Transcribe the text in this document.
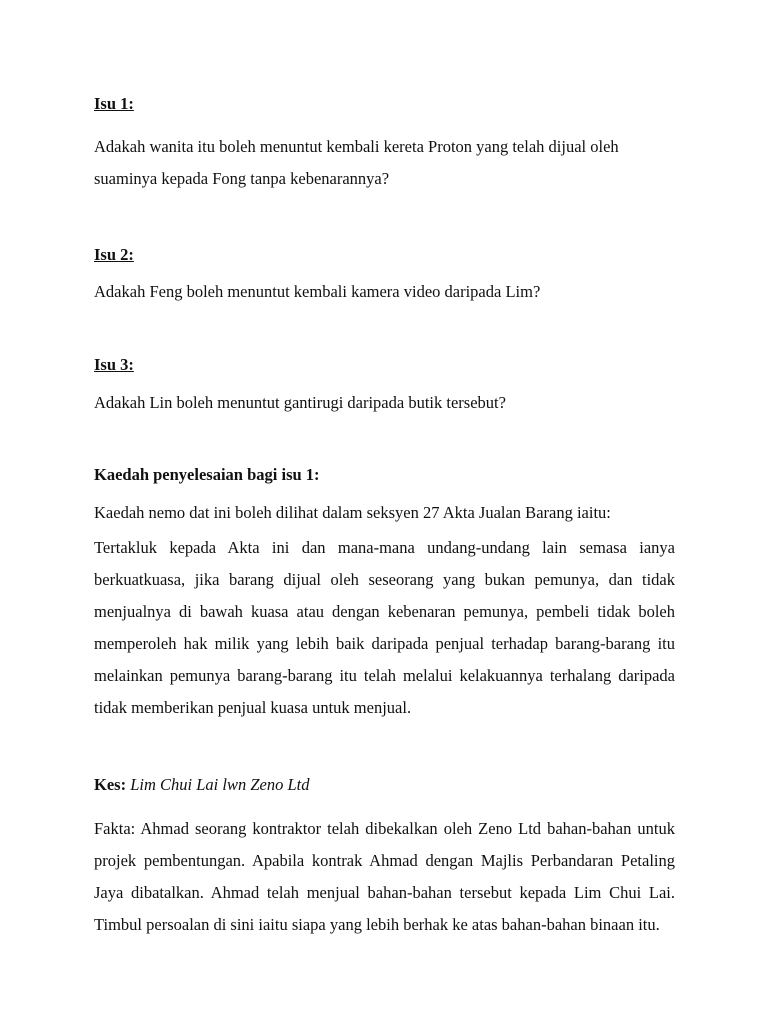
Isu 1:

Adakah wanita itu boleh menuntut kembali kereta Proton yang telah dijual oleh suaminya kepada Fong tanpa kebenarannya?

Isu 2:

Adakah Feng boleh menuntut kembali kamera video daripada Lim?

Isu 3:

Adakah Lin boleh menuntut gantirugi daripada butik tersebut?

Kaedah penyelesaian bagi isu 1:

Kaedah nemo dat ini boleh dilihat dalam seksyen 27 Akta Jualan Barang iaitu:

Tertakluk kepada Akta ini dan mana-mana undang-undang lain semasa ianya berkuatkuasa, jika barang dijual oleh seseorang yang bukan pemunya, dan tidak menjualnya di bawah kuasa atau dengan kebenaran pemunya, pembeli tidak boleh memperoleh hak milik yang lebih baik daripada penjual terhadap barang-barang itu melainkan pemunya barang-barang itu telah melalui kelakuannya terhalang daripada tidak memberikan penjual kuasa untuk menjual.

Kes: Lim Chui Lai lwn Zeno Ltd

Fakta: Ahmad seorang kontraktor telah dibekalkan oleh Zeno Ltd bahan-bahan untuk projek pembentungan. Apabila kontrak Ahmad dengan Majlis Perbandaran Petaling Jaya dibatalkan. Ahmad telah menjual bahan-bahan tersebut kepada Lim Chui Lai. Timbul persoalan di sini iaitu siapa yang lebih berhak ke atas bahan-bahan binaan itu.
